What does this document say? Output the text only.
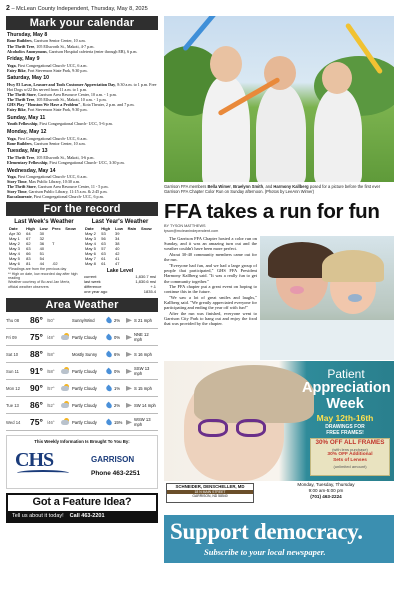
2 – McLean County Independent, Thursday, May 8, 2025
Mark your calendar
Thursday, May 8

Bone Builders, Garrison Senior Center, 10 a.m.

The Thrift Tree, 105 Ellsworth St., Makoti, 4-7 p.m.

Alcoholics Anonymous, Garrison Hospital cafeteria (enter through ER), 6 p.m.

Friday, May 9

Yoga, First Congregational Church- UCC, 6 a.m.

Fairy Bike, Fort Stevenson State Park, 9:30 p.m.

Saturday, May 10

Hwy 83 Lawn, Leasure and Tools Customer Appreciation Day, 8:30 a.m. to 1 p.m. Free Hot Dogs w/22 lbs served from 11 a.m. to 1 p.m.

The Thrift Store, Garrison Area Resource Center, 10 a.m. - 1 p.m.

The Thrift Tree, 105 Ellsworth St., Makoti, 10 a.m. - 1 p.m.

GHS Play "Houston We Have a Problem", Kota Theater, 2 p.m. and 7 p.m.

Fairy Bike, Fort Stevenson State Park, 9:30 p.m.

Sunday, May 11

Youth Fellowship, First Congregational Church- UCC, 5-6 p.m.

Monday, May 12

Yoga, First Congregational Church- UCC, 6 a.m.

Bone Builders, Garrison Senior Center, 10 a.m.

Tuesday, May 13

The Thrift Tree, 105 Ellsworth St., Makoti, 3-6 p.m.

Elementary Fellowship, First Congregational Church- UCC, 3:30 p.m.

Wednesday, May 14

Yoga, First Congregational Church- UCC, 6 a.m.

Story Time, Max Public Library, 10:30 a.m.

The Thrift Store, Garrison Area Resource Center, 11 - 5 p.m.

Story Time, Garrison Public Library, 11:15 a.m. & 2:45 p.m.

Baccalaureate, First Congregational Church- UCC, 6 p.m.

For the record
Last Week's Weather
Date	High	Low	Prec	Snow
Apr 30	64	30		
May 1	67	32		
May 2	62	36	T	
May 3	63	40		
May 4	66	51		
May 5	83	54		
May 6	81	44	.02	
*Readings are from the previous day
** High on date, low recorded day after high reading
Weather courtesy of Bo and Jan Mertz, official weather observers
Last Year's Weather
Date	High	Low	Rain	Snow
May 2	53	39		
May 3	56	34		
May 4	63	38		
May 5	57	40		
May 6	63	42		
May 7	61	41		
May 8	61	47		
Lake Level
current	1,830.7 msl
last week	1,830.6 msl
difference	+.1
one year ago	1835.4
Area Weather
Thu 08	86° /50°	Sunny/Wind	2%	S 21 mph
Fri 09	75° /48°	Partly Cloudy	0%	NNE 12 mph
Sat 10	88° /58°	Mostly Sunny	6%	S 16 mph
Sun 11	91° /58°	Partly Cloudy	0%	SSW 13 mph
Mon 12	90° /57°	Partly Cloudy	1%	S 15 mph
Tue 13	86° /52°	Partly Cloudy	2%	SW 14 mph
Wed 14	75° /46°	Partly Cloudy	15%	WSW 13 mph
This Weekly Information Is Brought To You By:
CHS	GARRISON
Phone 463-2251
Got a Feature Idea?
Tell us about it today! Call 463-2201
Garrison FFA members Bella Wimer, Braelynn Smith, and Harmony Kallberg posed for a picture before the first ever Garrison FFA Chapter Color Run on Sunday afternoon. (Photos by LeeAnn Wimer)
FFA takes a run for fun
BY TYSON MATTHEWS
tyson@mcleanindependent.com

The Garrison FFA Chapter hosted a color run on Sunday, and it was an amazing turn out and the weather couldn't have been more perfect.

About 30-40 community members came out for the run.

"Everyone had fun, and we had a large group of people that participated," GHS FFA President Harmony Kallberg said. "It was a really fun to get the community together."

The FFA chapter put a great event on hoping to continue this in the future.

"We saw a lot of great smiles and laughs," Kallberg said. "We greatly appreciated everyone for participating and ending the year off with fun!"

After the run was finished, everyone went to Garrison City Park to hang out and enjoy the food that was provided by the chapter.

Patient
Appreciation
Week
May 12th-16th
DRAWINGS FOR
FREE FRAMES!
30% OFF ALL FRAMES
(with lens purchase)
30% OFF Additional
Sets of Lenses
(unlimited amount)
SCHNEIDER, DENSCHELLER, MD
18 N MAIN STREET
GARRISON, ND 58540
Monday, Tuesday, Thursday
9:00 am-5:00 pm
(701) 463-2224
Support democracy.
Subscribe to your local newspaper.
